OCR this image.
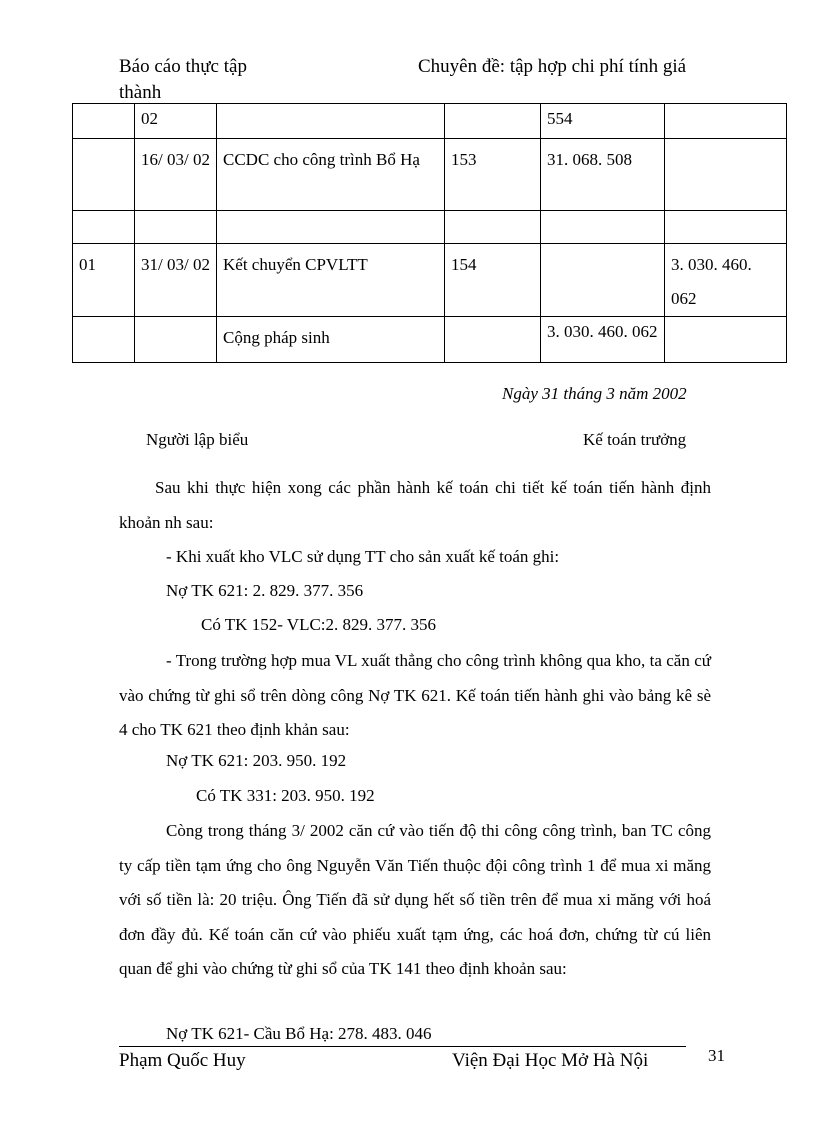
Báo cáo thực tập thành
Chuyên đề: tập hợp chi phí tính giá
	02			554	
	16/ 03/ 02	CCDC cho công trình Bổ Hạ	153	31. 068. 508	

01	31/ 03/ 02	Kết chuyển CPVLTT	154		3. 030. 460. 062
		Cộng pháp sinh		3. 030. 460. 062	
Ngày 31 tháng 3 năm 2002
Người lập biểu	Kế toán trưởng
Sau khi thực hiện xong các phần hành kế toán chi tiết kế toán tiến hành định khoản nh sau:
- Khi xuất kho VLC sử dụng TT cho sản xuất kế toán ghi:
Nợ TK 621: 2. 829. 377. 356
Có TK 152- VLC:2. 829. 377. 356
- Trong trường hợp mua VL xuất thẳng cho công trình không qua kho, ta căn cứ vào chứng từ ghi sổ trên dòng công Nợ TK 621. Kế toán tiến hành ghi vào bảng kê sè 4 cho TK 621 theo định khản sau:
Nợ TK 621: 203. 950. 192
Có TK 331: 203. 950. 192
Còng trong tháng 3/ 2002 căn cứ vào tiến độ thi công công trình, ban TC công ty cấp tiền tạm ứng cho ông Nguyễn Văn Tiến thuộc đội công trình 1 để mua xi măng với số tiền là: 20 triệu. Ông Tiến đã sử dụng hết số tiền trên để mua xi măng với hoá đơn đầy đủ. Kế toán căn cứ vào phiếu xuất tạm ứng, các hoá đơn, chứng từ cú liên quan để ghi vào chứng từ ghi sổ của TK 141 theo định khoản sau:
Nợ TK 621- Cầu Bổ Hạ: 278. 483. 046
Phạm Quốc Huy	Viện Đại Học Mở Hà Nội	31
